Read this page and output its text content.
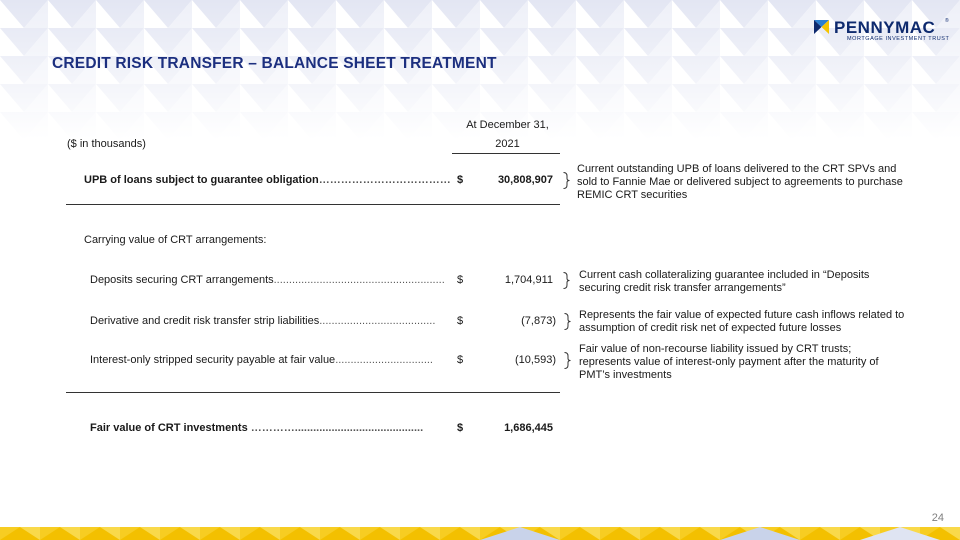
CREDIT RISK TRANSFER – BALANCE SHEET TREATMENT
PENNYMAC ®
MORTGAGE INVESTMENT TRUST
($ in thousands)
At December 31,
2021
UPB of loans subject to guarantee obligation……………………………… $	30,808,907
Current outstanding UPB of loans delivered to the CRT SPVs and sold to Fannie Mae or delivered subject to agreements to purchase REMIC CRT securities
Carrying value of CRT arrangements:
Deposits securing CRT arrangements........................................................ $	1,704,911 Current cash collateralizing guarantee included in “Deposits securing credit risk transfer arrangements”
Derivative and credit risk transfer strip liabilities...................................... $	(7,873) Represents the fair value of expected future cash inflows related to assumption of credit risk net of expected future losses
Interest-only stripped security payable at fair value................................ $	(10,593)
Fair value of non-recourse liability issued by CRT trusts; represents value of interest-only payment after the maturity of PMT’s investments
Fair value of CRT investments …………..........................................	$	1,686,445
24
